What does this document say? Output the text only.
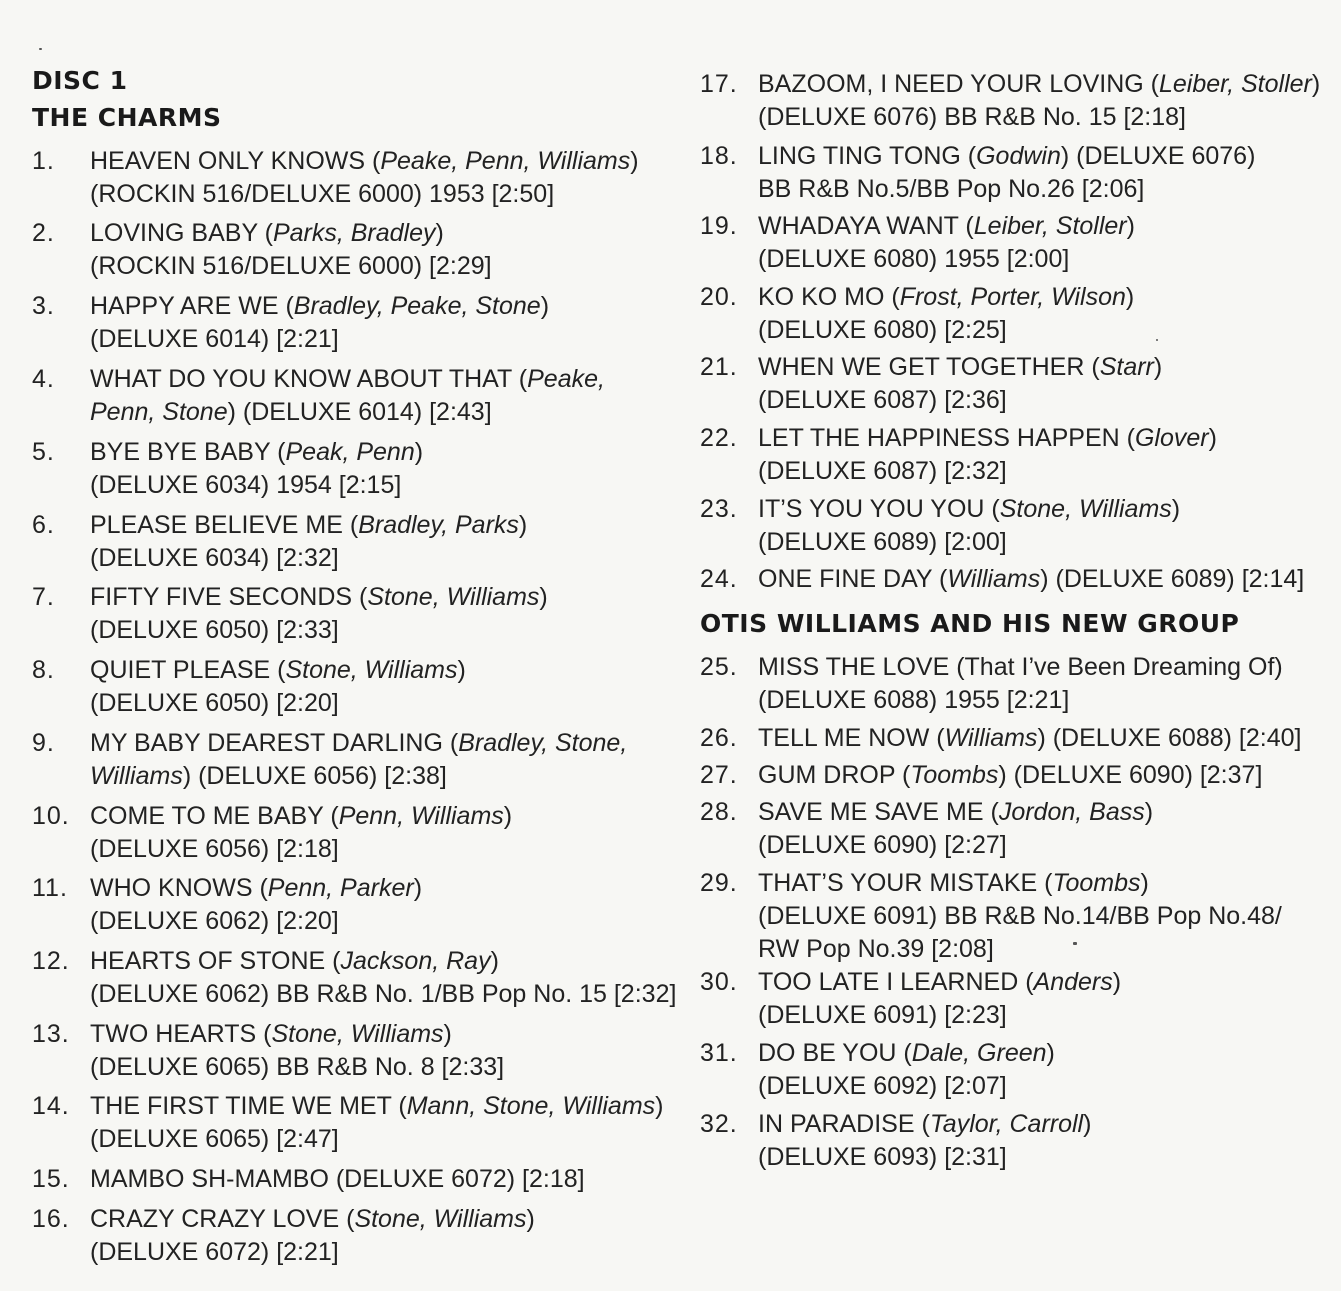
DISC 1
THE CHARMS
1.	HEAVEN ONLY KNOWS (Peake, Penn, Williams)
(ROCKIN 516/DELUXE 6000) 1953 [2:50]
2.	LOVING BABY (Parks, Bradley)
(ROCKIN 516/DELUXE 6000) [2:29]
3.	HAPPY ARE WE (Bradley, Peake, Stone)
(DELUXE 6014) [2:21]
4.	WHAT DO YOU KNOW ABOUT THAT (Peake,
Penn, Stone) (DELUXE 6014) [2:43]
5.	BYE BYE BABY (Peak, Penn)
(DELUXE 6034) 1954 [2:15]
6.	PLEASE BELIEVE ME (Bradley, Parks)
(DELUXE 6034) [2:32]
7.	FIFTY FIVE SECONDS (Stone, Williams)
(DELUXE 6050) [2:33]
8.	QUIET PLEASE (Stone, Williams)
(DELUXE 6050) [2:20]
9.	MY BABY DEAREST DARLING (Bradley, Stone,
Williams) (DELUXE 6056) [2:38]
10. COME TO ME BABY (Penn, Williams)
(DELUXE 6056) [2:18]
11. WHO KNOWS (Penn, Parker)
(DELUXE 6062) [2:20]
12. HEARTS OF STONE (Jackson, Ray)
(DELUXE 6062) BB R&B No. 1/BB Pop No. 15 [2:32]
13. TWO HEARTS (Stone, Williams)
(DELUXE 6065) BB R&B No. 8 [2:33]
14. THE FIRST TIME WE MET (Mann, Stone, Williams)
(DELUXE 6065) [2:47]
15. MAMBO SH-MAMBO (DELUXE 6072) [2:18]
16. CRAZY CRAZY LOVE (Stone, Williams)
(DELUXE 6072) [2:21]
OTIS WILLIAMS AND HIS NEW GROUP
17. BAZOOM, I NEED YOUR LOVING (Leiber, Stoller)
(DELUXE 6076) BB R&B No. 15 [2:18]
18. LING TING TONG (Godwin) (DELUXE 6076)
BB R&B No.5/BB Pop No.26 [2:06]
19. WHADAYA WANT (Leiber, Stoller)
(DELUXE 6080) 1955 [2:00]
20. KO KO MO (Frost, Porter, Wilson)
(DELUXE 6080) [2:25]
21. WHEN WE GET TOGETHER (Starr)
(DELUXE 6087) [2:36]
22. LET THE HAPPINESS HAPPEN (Glover)
(DELUXE 6087) [2:32]
23. IT’S YOU YOU YOU (Stone, Williams)
(DELUXE 6089) [2:00]
24. ONE FINE DAY (Williams) (DELUXE 6089) [2:14]
25. MISS THE LOVE (That I’ve Been Dreaming Of)
(DELUXE 6088) 1955 [2:21]
26. TELL ME NOW (Williams) (DELUXE 6088) [2:40]
27. GUM DROP (Toombs) (DELUXE 6090) [2:37]
28. SAVE ME SAVE ME (Jordon, Bass)
(DELUXE 6090) [2:27]
29. THAT’S YOUR MISTAKE (Toombs)
(DELUXE 6091) BB R&B No.14/BB Pop No.48/
RW Pop No.39 [2:08]
30. TOO LATE I LEARNED (Anders)
(DELUXE 6091) [2:23]
31. DO BE YOU (Dale, Green)
(DELUXE 6092) [2:07]
32. IN PARADISE (Taylor, Carroll)
(DELUXE 6093) [2:31]
